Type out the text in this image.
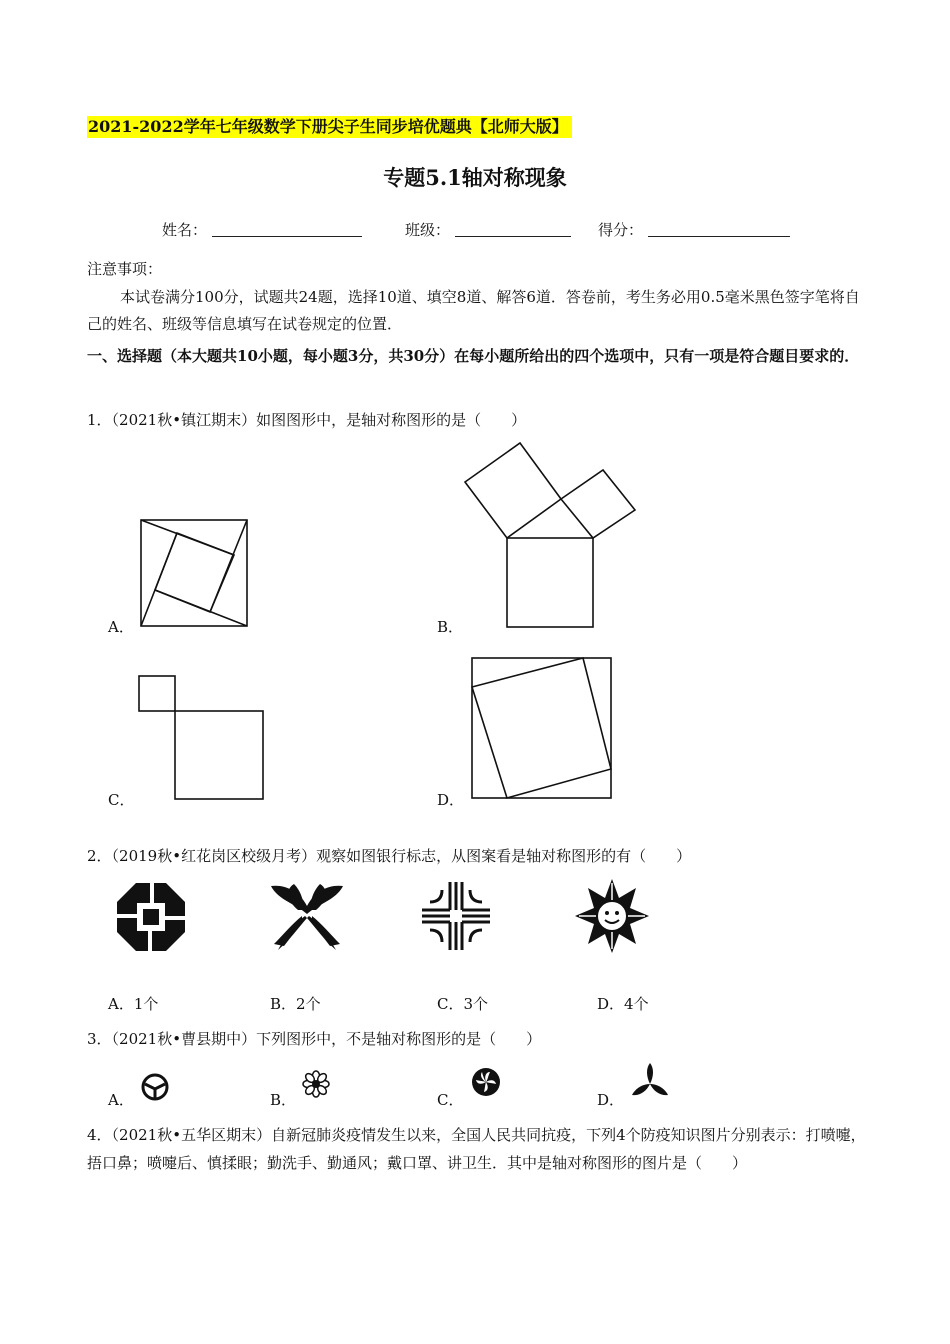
2021-2022学年七年级数学下册尖子生同步培优题典【北师大版】
专题5.1轴对称现象
姓名：	班级：	得分：
注意事项：
本试卷满分100分，试题共24题，选择10道、填空8道、解答6道．答卷前，考生务必用0.5毫米黑色签字笔将自己的姓名、班级等信息填写在试卷规定的位置．
一、选择题（本大题共10小题，每小题3分，共30分）在每小题所给出的四个选项中，只有一项是符合题目要求的．
1．（2021秋•镇江期末）如图图形中，是轴对称图形的是（　　）
A．	B．
C．	D．
2．（2019秋•红花岗区校级月考）观察如图银行标志，从图案看是轴对称图形的有（　　）
A．1个	B．2个	C．3个	D．4个
3．（2021秋•曹县期中）下列图形中，不是轴对称图形的是（　　）
A．	B．	C．	D．
4．（2021秋•五华区期末）自新冠肺炎疫情发生以来，全国人民共同抗疫，下列4个防疫知识图片分别表示：打喷嚏，捂口鼻；喷嚏后、慎揉眼；勤洗手、勤通风；戴口罩、讲卫生．其中是轴对称图形的图片是（　　）
